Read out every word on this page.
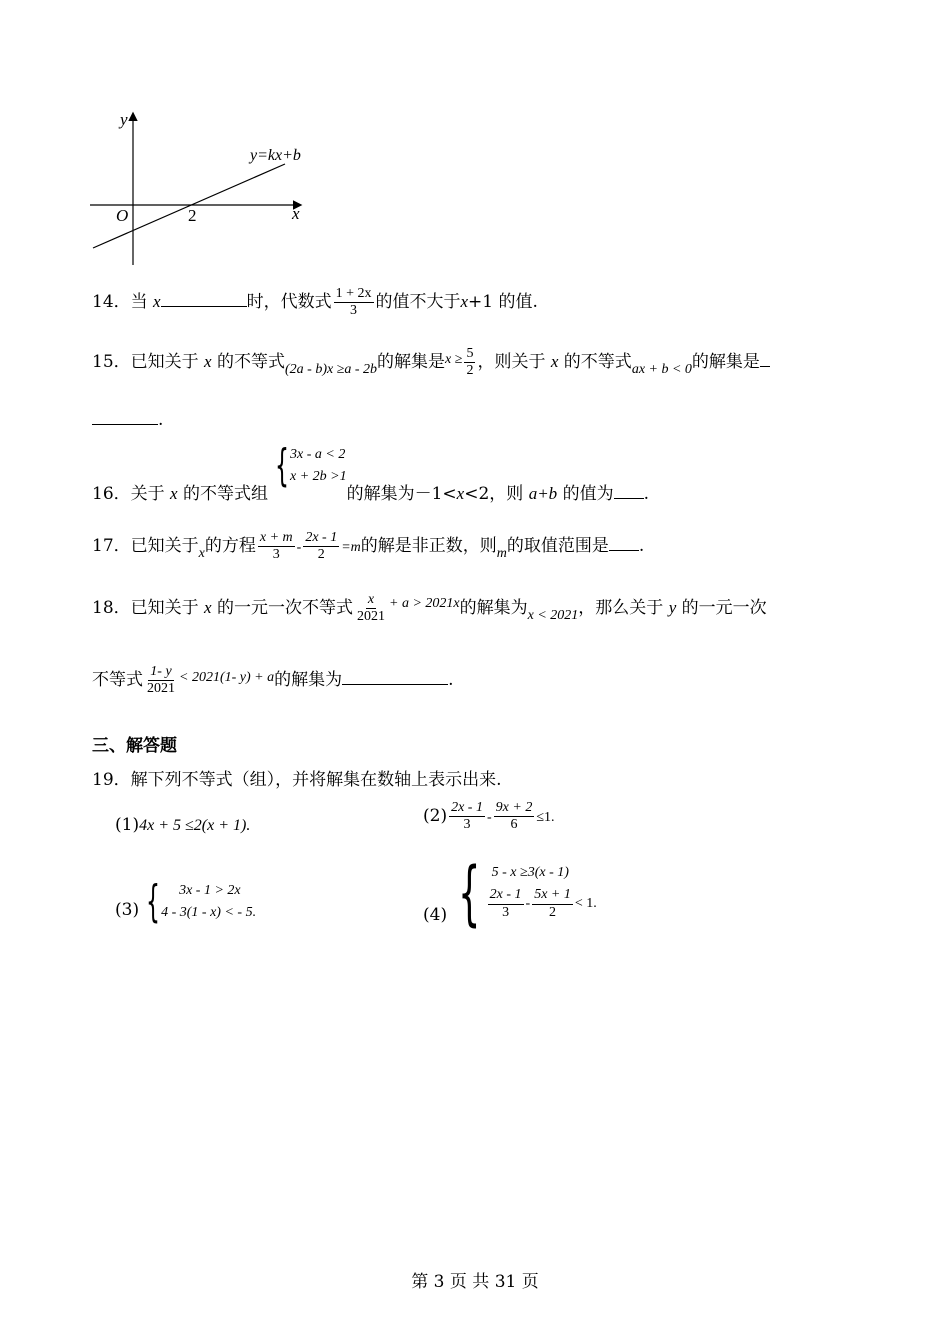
y
x
O	2
y=kx+b
14．当 x	时，代数式 $\frac{1 + 2x}{3}$ 的值不大于x+1 的值.
15．已知关于 x 的不等式$_{(2a - b)x \ge a - 2b}$的解集是$^{x \ge} \frac{5}{2}$ ，则关于 x 的不等式$_{ax + b < 0}$的解集是
.
16．关于 x 的不等式组
{ 3x - a < 2
x + 2b >1
的解集为－1<x<2，则 a+b 的值为 .
17．已知关于$_x$的方程 $\frac{x + m}{3} - \frac{2x - 1}{2} =m$的解是非正数，则$_m$的取值范围是 .
18．已知关于 x 的一元一次不等式 $\frac{x}{2021} ^{+ a > 2021x}$的解集为$_{x < 2021}$，那么关于 y 的一元一次
不等式 $\frac{1- y}{2021} ^{< 2021(1- y) + a}$的解集为	.
三、解答题
19．解下列不等式（组），并将解集在数轴上表示出来.
(1)4x + 5 ≤2(x + 1).	$(2) \frac{2x - 1}{3} - \frac{9x + 2}{6} \le 1$.
(3) { 3x - 1 > 2x
4 - 3(1 - x) < - 5.	(4) { 5 - x ≥3(x - 1)
$\frac{2x - 1}{3} - \frac{5x + 1}{2} < 1$.
第 3 页 共 31 页
